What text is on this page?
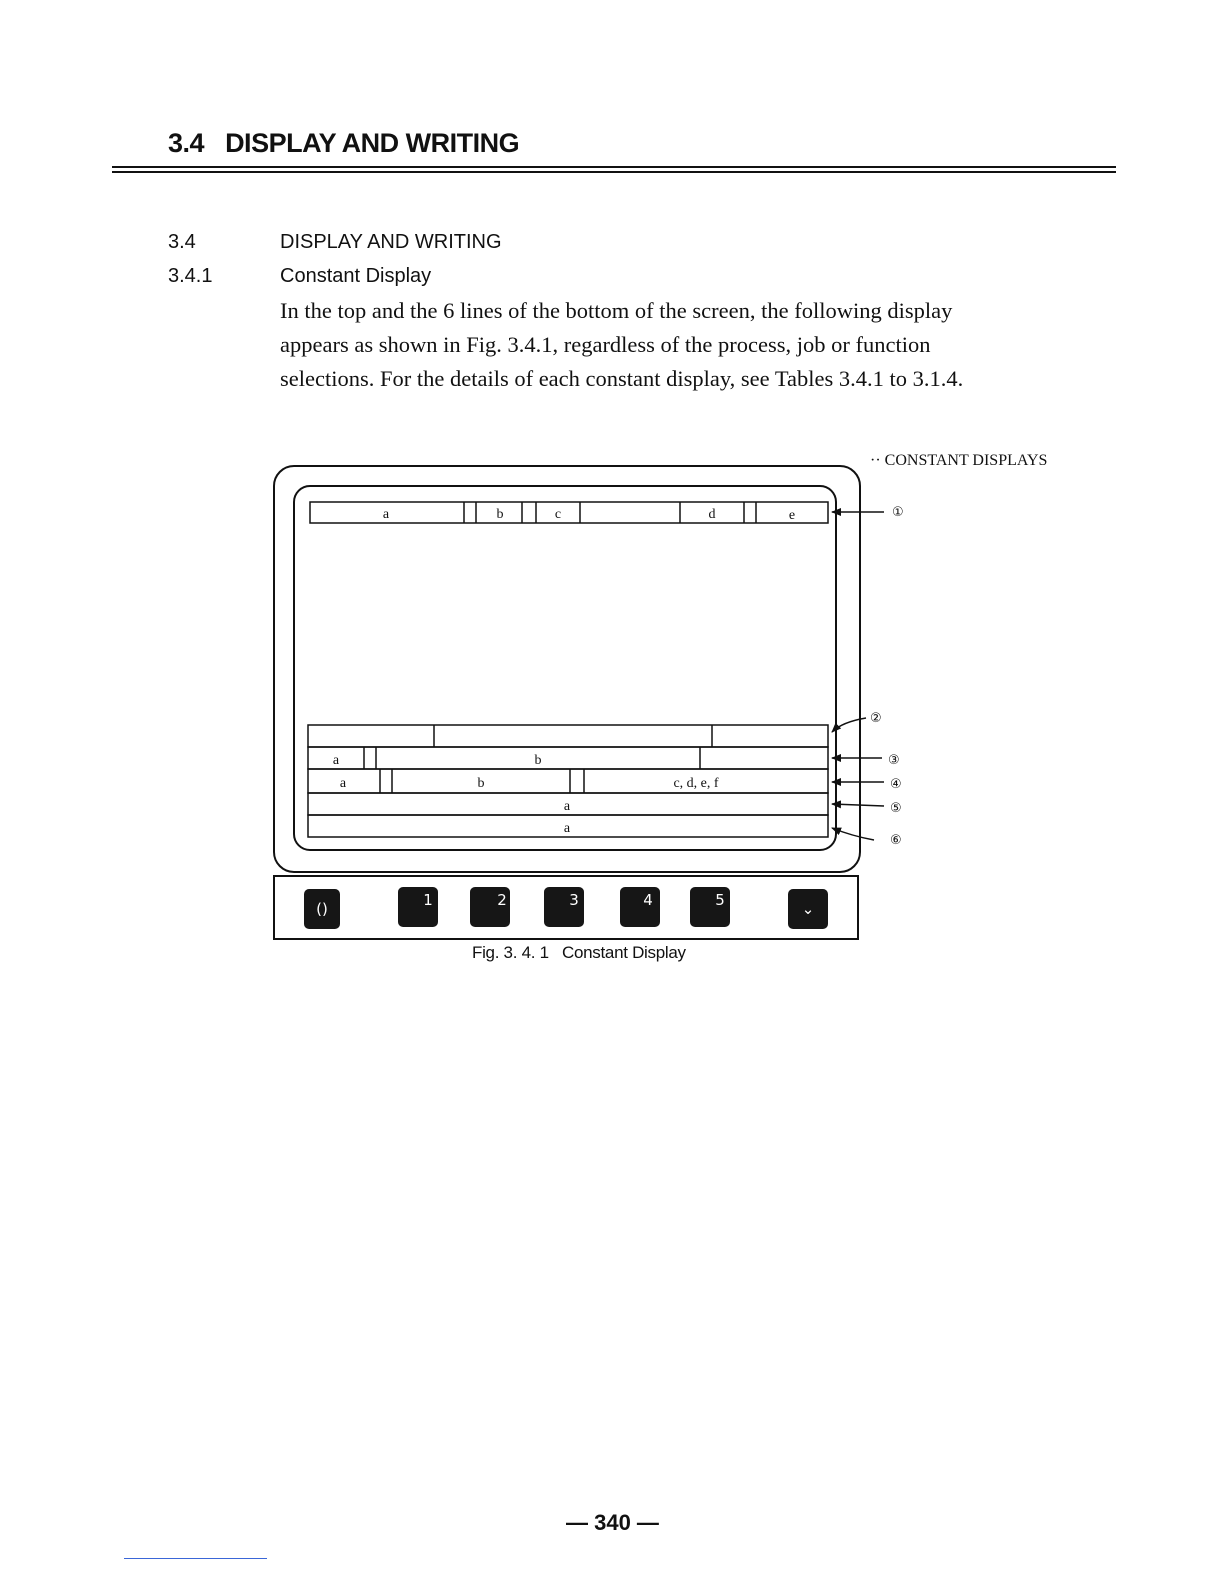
3.4 DISPLAY AND WRITING
3.4	DISPLAY AND WRITING
3.4.1	Constant Display
In the top and the 6 lines of the bottom of the screen, the following display
appears as shown in Fig. 3.4.1, regardless of the process, job or function
selections. For the details of each constant display, see Tables 3.4.1 to 3.1.4.
a	b	c	d	e
a	b
a	b	c, d, e, f
a
a
·· CONSTANT DISPLAYS
①
②
③
④
⑤
⑥
()	1	2	3	4	5	⌄
Fig. 3. 4. 1 Constant Display
— 340 —
